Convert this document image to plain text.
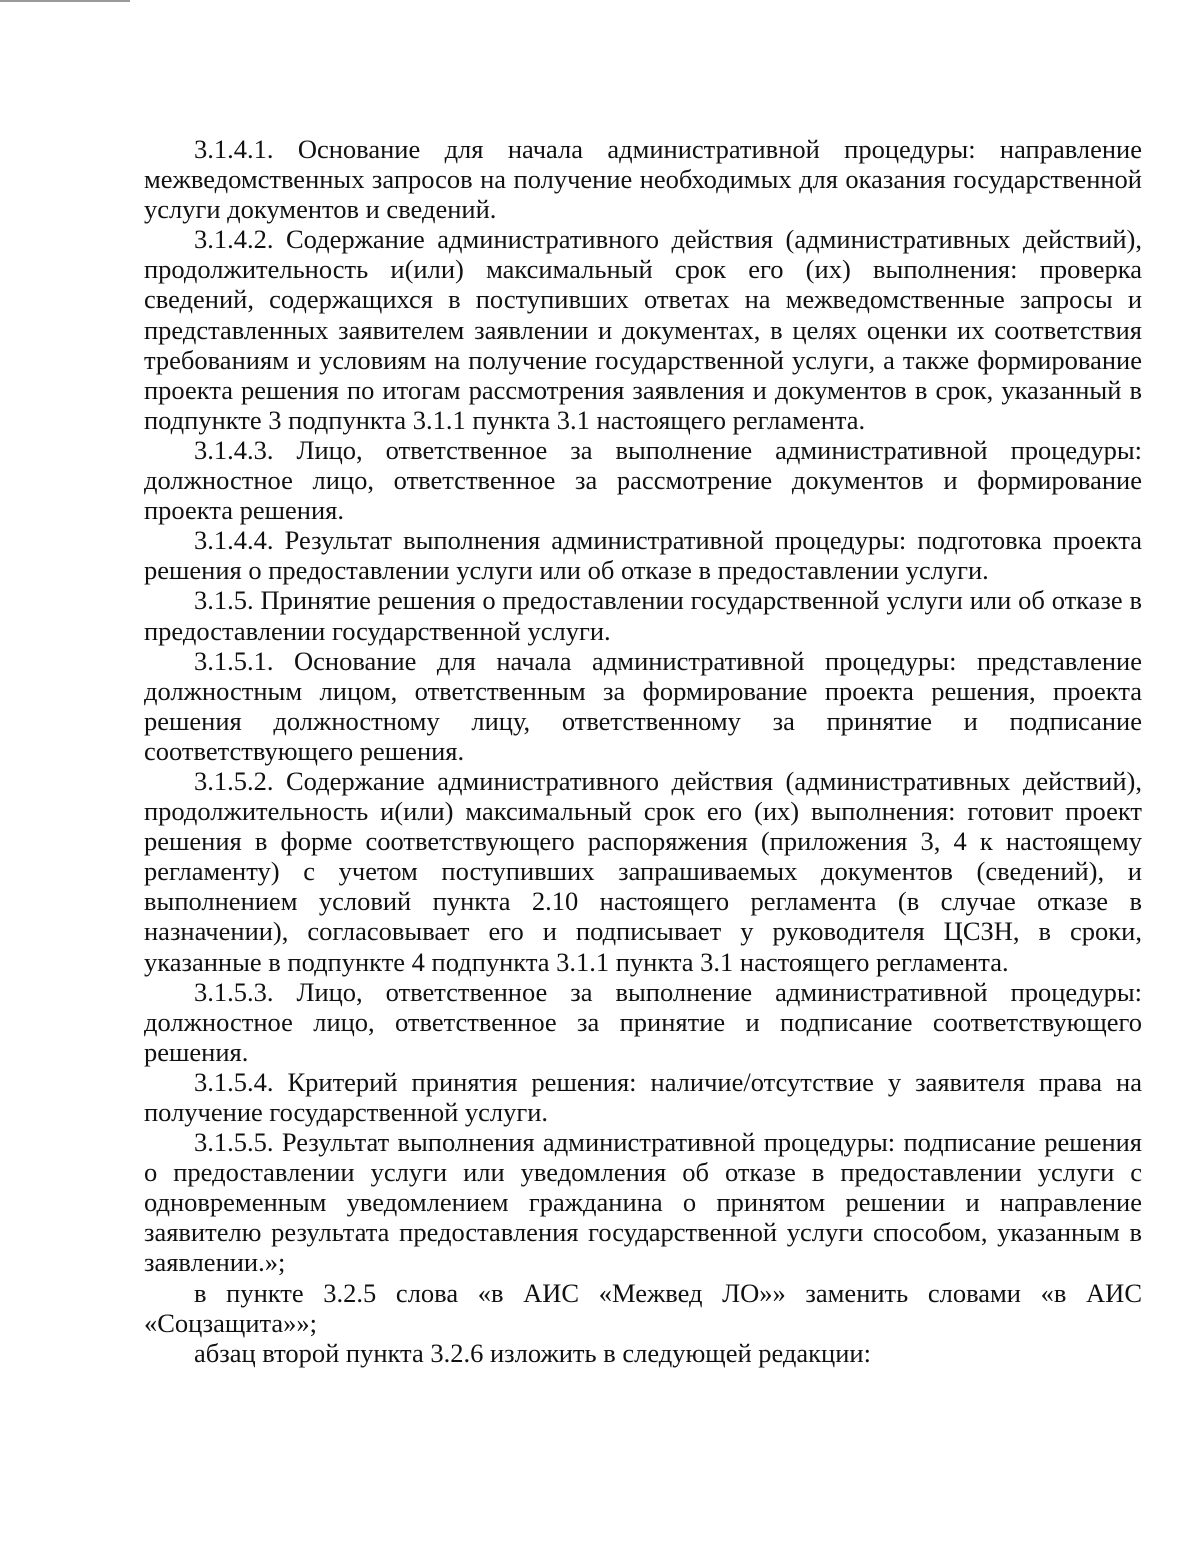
3.1.4.1. Основание для начала административной процедуры: направление межведомственных запросов на получение необходимых для оказания государственной услуги документов и сведений.

3.1.4.2. Содержание административного действия (административных действий), продолжительность и(или) максимальный срок его (их) выполнения: проверка сведений, содержащихся в поступивших ответах на межведомственные запросы и представленных заявителем заявлении и документах, в целях оценки их соответствия требованиям и условиям на получение государственной услуги, а также формирование проекта решения по итогам рассмотрения заявления и документов в срок, указанный в подпункте 3 подпункта 3.1.1 пункта 3.1 настоящего регламента.

3.1.4.3. Лицо, ответственное за выполнение административной процедуры: должностное лицо, ответственное за рассмотрение документов и формирование проекта решения.

3.1.4.4. Результат выполнения административной процедуры: подготовка проекта решения о предоставлении услуги или об отказе в предоставлении услуги.

3.1.5. Принятие решения о предоставлении государственной услуги или об отказе в предоставлении государственной услуги.

3.1.5.1. Основание для начала административной процедуры: представление должностным лицом, ответственным за формирование проекта решения, проекта решения должностному лицу, ответственному за принятие и подписание соответствующего решения.

3.1.5.2. Содержание административного действия (административных действий), продолжительность и(или) максимальный срок его (их) выполнения: готовит проект решения в форме соответствующего распоряжения (приложения 3, 4 к настоящему регламенту) с учетом поступивших запрашиваемых документов (сведений), и выполнением условий пункта 2.10 настоящего регламента (в случае отказе в назначении), согласовывает его и подписывает у руководителя ЦСЗН, в сроки, указанные в подпункте 4 подпункта 3.1.1 пункта 3.1 настоящего регламента.

3.1.5.3. Лицо, ответственное за выполнение административной процедуры: должностное лицо, ответственное за принятие и подписание соответствующего решения.

3.1.5.4. Критерий принятия решения: наличие/отсутствие у заявителя права на получение государственной услуги.

3.1.5.5. Результат выполнения административной процедуры: подписание решения о предоставлении услуги или уведомления об отказе в предоставлении услуги с одновременным уведомлением гражданина о принятом решении и направление заявителю результата предоставления государственной услуги способом, указанным в заявлении.»;

в пункте 3.2.5 слова «в АИС «Межвед ЛО»» заменить словами «в АИС «Соцзащита»»;

абзац второй пункта 3.2.6 изложить в следующей редакции:
